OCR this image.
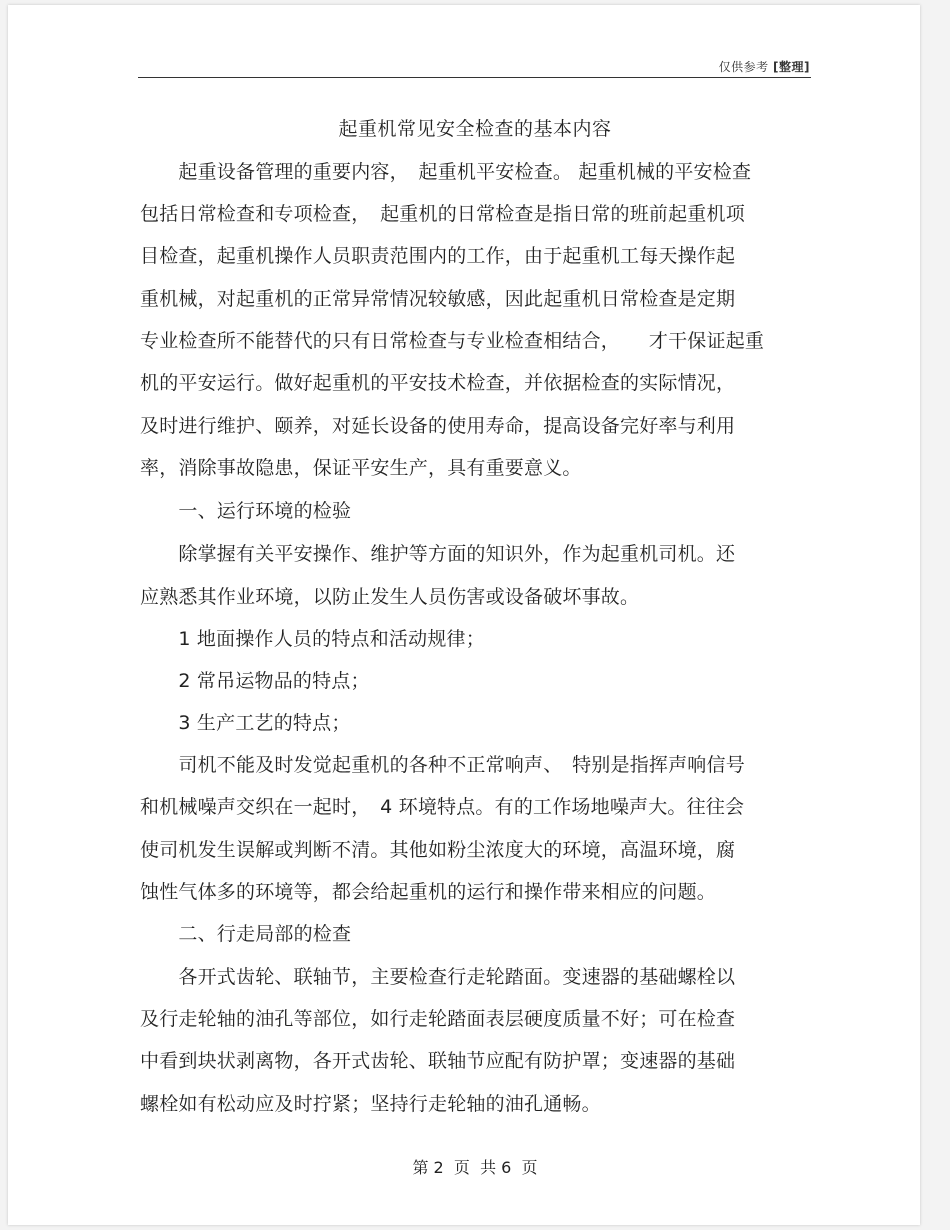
仅供参考 [整理]
起重机常见安全检查的基本内容
　　起重设备管理的重要内容，　起重机平安检查。 起重机械的平安检查
包括日常检查和专项检查，　起重机的日常检查是指日常的班前起重机项
目检查，起重机操作人员职责范围内的工作，由于起重机工每天操作起
重机械，对起重机的正常异常情况较敏感，因此起重机日常检查是定期
专业检查所不能替代的只有日常检查与专业检查相结合，　　才干保证起重
机的平安运行。做好起重机的平安技术检查，并依据检查的实际情况，
及时进行维护、颐养，对延长设备的使用寿命，提高设备完好率与利用
率，消除事故隐患，保证平安生产，具有重要意义。
　　一、运行环境的检验
　　除掌握有关平安操作、维护等方面的知识外，作为起重机司机。还
应熟悉其作业环境，以防止发生人员伤害或设备破坏事故。
　　1 地面操作人员的特点和活动规律；
　　2 常吊运物品的特点；
　　3 生产工艺的特点；
　　司机不能及时发觉起重机的各种不正常响声、　特别是指挥声响信号
和机械噪声交织在一起时，　4 环境特点。有的工作场地噪声大。往往会
使司机发生误解或判断不清。其他如粉尘浓度大的环境，高温环境，腐
蚀性气体多的环境等，都会给起重机的运行和操作带来相应的问题。
　　二、行走局部的检查
　　各开式齿轮、联轴节，主要检查行走轮踏面。变速器的基础螺栓以
及行走轮轴的油孔等部位，如行走轮踏面表层硬度质量不好；可在检查
中看到块状剥离物，各开式齿轮、联轴节应配有防护罩；变速器的基础
螺栓如有松动应及时拧紧；坚持行走轮轴的油孔通畅。
第 2  页  共 6  页
